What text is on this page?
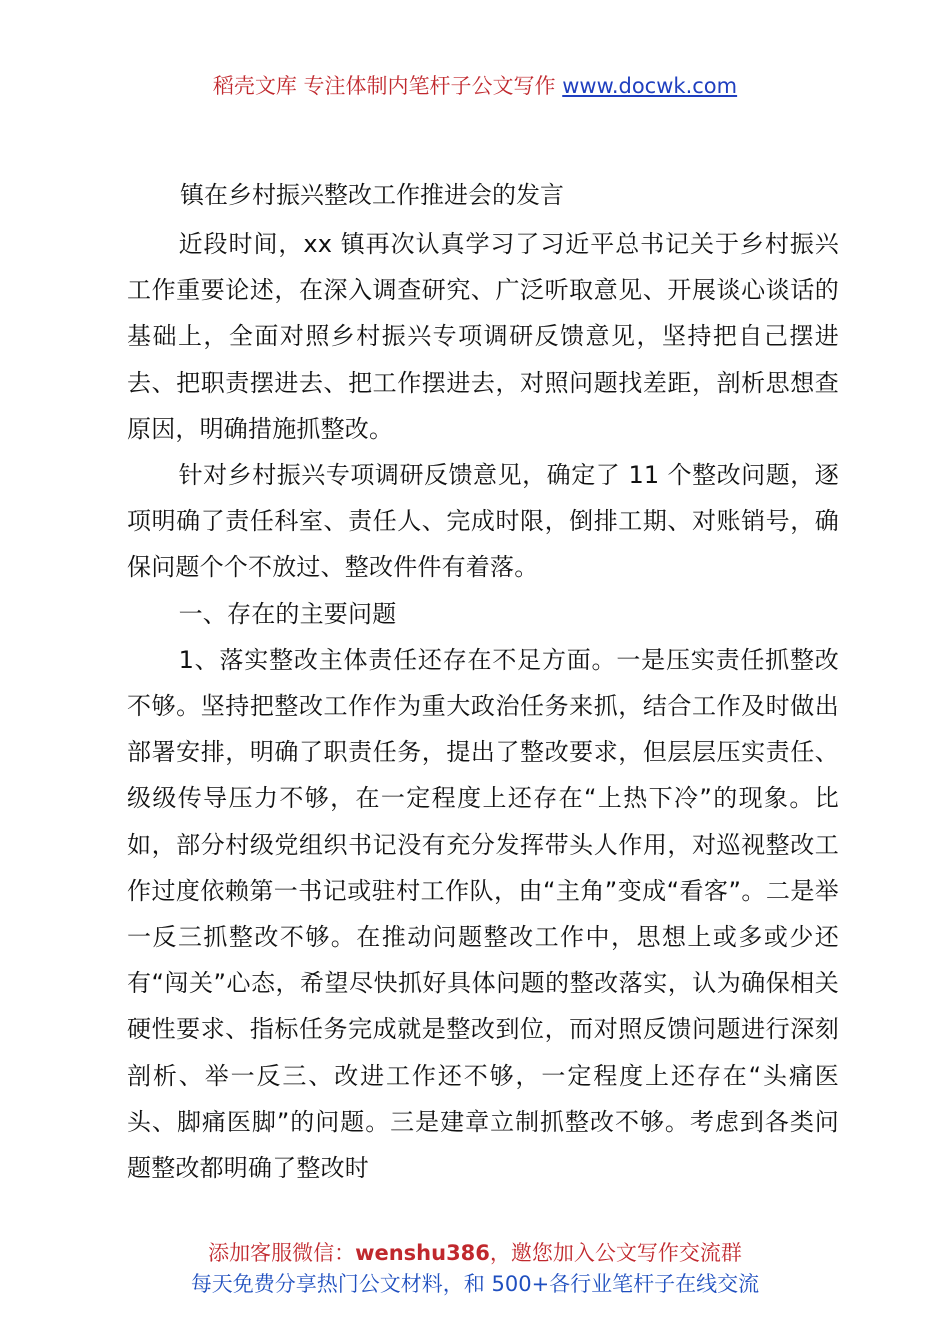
稻壳文库 专注体制内笔杆子公文写作 www.docwk.com
镇在乡村振兴整改工作推进会的发言

近段时间，xx 镇再次认真学习了习近平总书记关于乡村振兴工作重要论述，在深入调查研究、广泛听取意见、开展谈心谈话的基础上，全面对照乡村振兴专项调研反馈意见，坚持把自己摆进去、把职责摆进去、把工作摆进去，对照问题找差距，剖析思想查原因，明确措施抓整改。

针对乡村振兴专项调研反馈意见，确定了 11 个整改问题，逐项明确了责任科室、责任人、完成时限，倒排工期、对账销号，确保问题个个不放过、整改件件有着落。

一、存在的主要问题

1、落实整改主体责任还存在不足方面。一是压实责任抓整改不够。坚持把整改工作作为重大政治任务来抓，结合工作及时做出部署安排，明确了职责任务，提出了整改要求，但层层压实责任、级级传导压力不够，在一定程度上还存在“上热下冷”的现象。比如，部分村级党组织书记没有充分发挥带头人作用，对巡视整改工作过度依赖第一书记或驻村工作队，由“主角”变成“看客”。二是举一反三抓整改不够。在推动问题整改工作中，思想上或多或少还有“闯关”心态，希望尽快抓好具体问题的整改落实，认为确保相关硬性要求、指标任务完成就是整改到位，而对照反馈问题进行深刻剖析、举一反三、改进工作还不够，一定程度上还存在“头痛医头、脚痛医脚”的问题。三是建章立制抓整改不够。考虑到各类问题整改都明确了整改时

添加客服微信：wenshu386，邀您加入公文写作交流群
每天免费分享热门公文材料，和 500+各行业笔杆子在线交流
